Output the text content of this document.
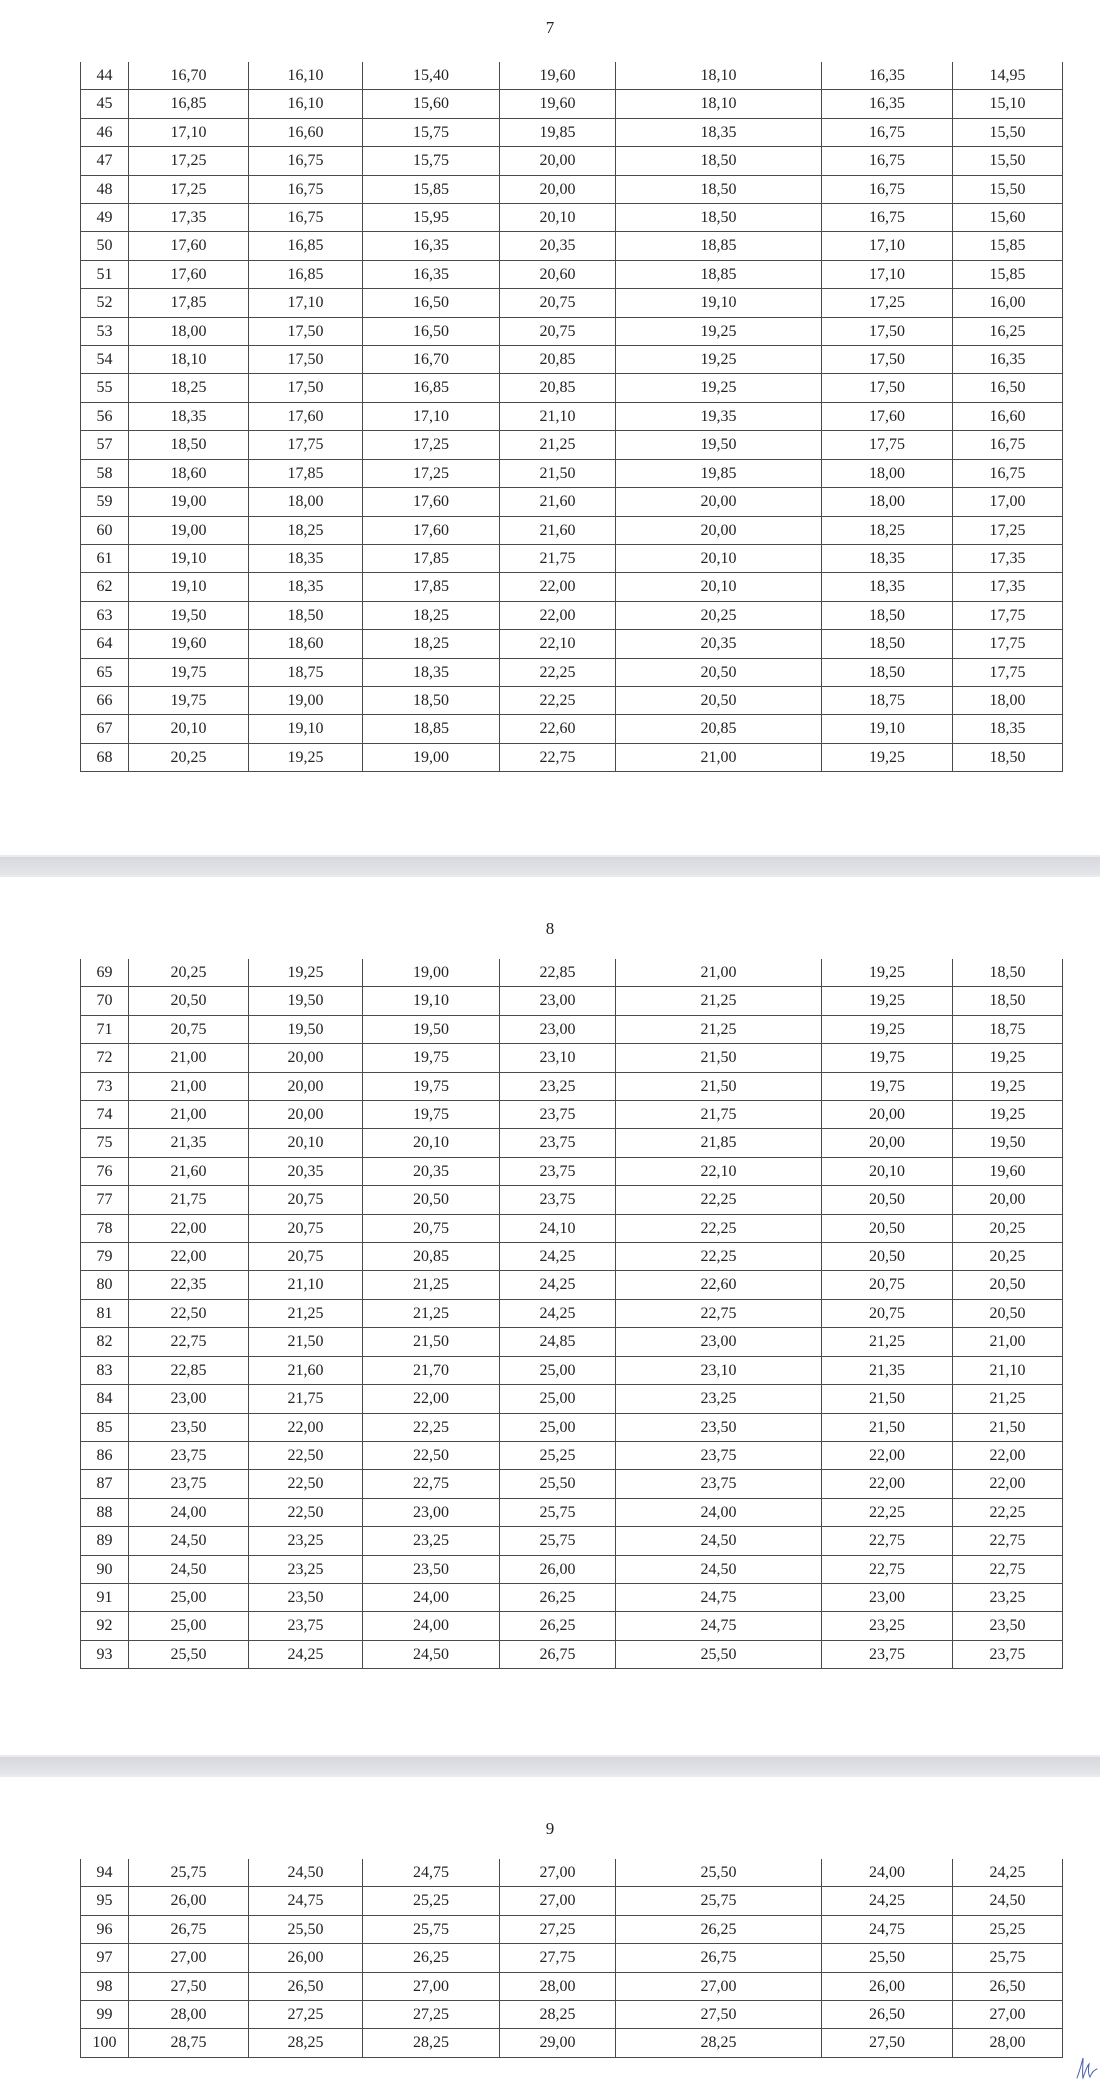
7
44	16,70	16,10	15,40	19,60	18,10	16,35	14,95
45	16,85	16,10	15,60	19,60	18,10	16,35	15,10
46	17,10	16,60	15,75	19,85	18,35	16,75	15,50
47	17,25	16,75	15,75	20,00	18,50	16,75	15,50
48	17,25	16,75	15,85	20,00	18,50	16,75	15,50
49	17,35	16,75	15,95	20,10	18,50	16,75	15,60
50	17,60	16,85	16,35	20,35	18,85	17,10	15,85
51	17,60	16,85	16,35	20,60	18,85	17,10	15,85
52	17,85	17,10	16,50	20,75	19,10	17,25	16,00
53	18,00	17,50	16,50	20,75	19,25	17,50	16,25
54	18,10	17,50	16,70	20,85	19,25	17,50	16,35
55	18,25	17,50	16,85	20,85	19,25	17,50	16,50
56	18,35	17,60	17,10	21,10	19,35	17,60	16,60
57	18,50	17,75	17,25	21,25	19,50	17,75	16,75
58	18,60	17,85	17,25	21,50	19,85	18,00	16,75
59	19,00	18,00	17,60	21,60	20,00	18,00	17,00
60	19,00	18,25	17,60	21,60	20,00	18,25	17,25
61	19,10	18,35	17,85	21,75	20,10	18,35	17,35
62	19,10	18,35	17,85	22,00	20,10	18,35	17,35
63	19,50	18,50	18,25	22,00	20,25	18,50	17,75
64	19,60	18,60	18,25	22,10	20,35	18,50	17,75
65	19,75	18,75	18,35	22,25	20,50	18,50	17,75
66	19,75	19,00	18,50	22,25	20,50	18,75	18,00
67	20,10	19,10	18,85	22,60	20,85	19,10	18,35
68	20,25	19,25	19,00	22,75	21,00	19,25	18,50
8
69	20,25	19,25	19,00	22,85	21,00	19,25	18,50
70	20,50	19,50	19,10	23,00	21,25	19,25	18,50
71	20,75	19,50	19,50	23,00	21,25	19,25	18,75
72	21,00	20,00	19,75	23,10	21,50	19,75	19,25
73	21,00	20,00	19,75	23,25	21,50	19,75	19,25
74	21,00	20,00	19,75	23,75	21,75	20,00	19,25
75	21,35	20,10	20,10	23,75	21,85	20,00	19,50
76	21,60	20,35	20,35	23,75	22,10	20,10	19,60
77	21,75	20,75	20,50	23,75	22,25	20,50	20,00
78	22,00	20,75	20,75	24,10	22,25	20,50	20,25
79	22,00	20,75	20,85	24,25	22,25	20,50	20,25
80	22,35	21,10	21,25	24,25	22,60	20,75	20,50
81	22,50	21,25	21,25	24,25	22,75	20,75	20,50
82	22,75	21,50	21,50	24,85	23,00	21,25	21,00
83	22,85	21,60	21,70	25,00	23,10	21,35	21,10
84	23,00	21,75	22,00	25,00	23,25	21,50	21,25
85	23,50	22,00	22,25	25,00	23,50	21,50	21,50
86	23,75	22,50	22,50	25,25	23,75	22,00	22,00
87	23,75	22,50	22,75	25,50	23,75	22,00	22,00
88	24,00	22,50	23,00	25,75	24,00	22,25	22,25
89	24,50	23,25	23,25	25,75	24,50	22,75	22,75
90	24,50	23,25	23,50	26,00	24,50	22,75	22,75
91	25,00	23,50	24,00	26,25	24,75	23,00	23,25
92	25,00	23,75	24,00	26,25	24,75	23,25	23,50
93	25,50	24,25	24,50	26,75	25,50	23,75	23,75
9
94	25,75	24,50	24,75	27,00	25,50	24,00	24,25
95	26,00	24,75	25,25	27,00	25,75	24,25	24,50
96	26,75	25,50	25,75	27,25	26,25	24,75	25,25
97	27,00	26,00	26,25	27,75	26,75	25,50	25,75
98	27,50	26,50	27,00	28,00	27,00	26,00	26,50
99	28,00	27,25	27,25	28,25	27,50	26,50	27,00
100	28,75	28,25	28,25	29,00	28,25	27,50	28,00
